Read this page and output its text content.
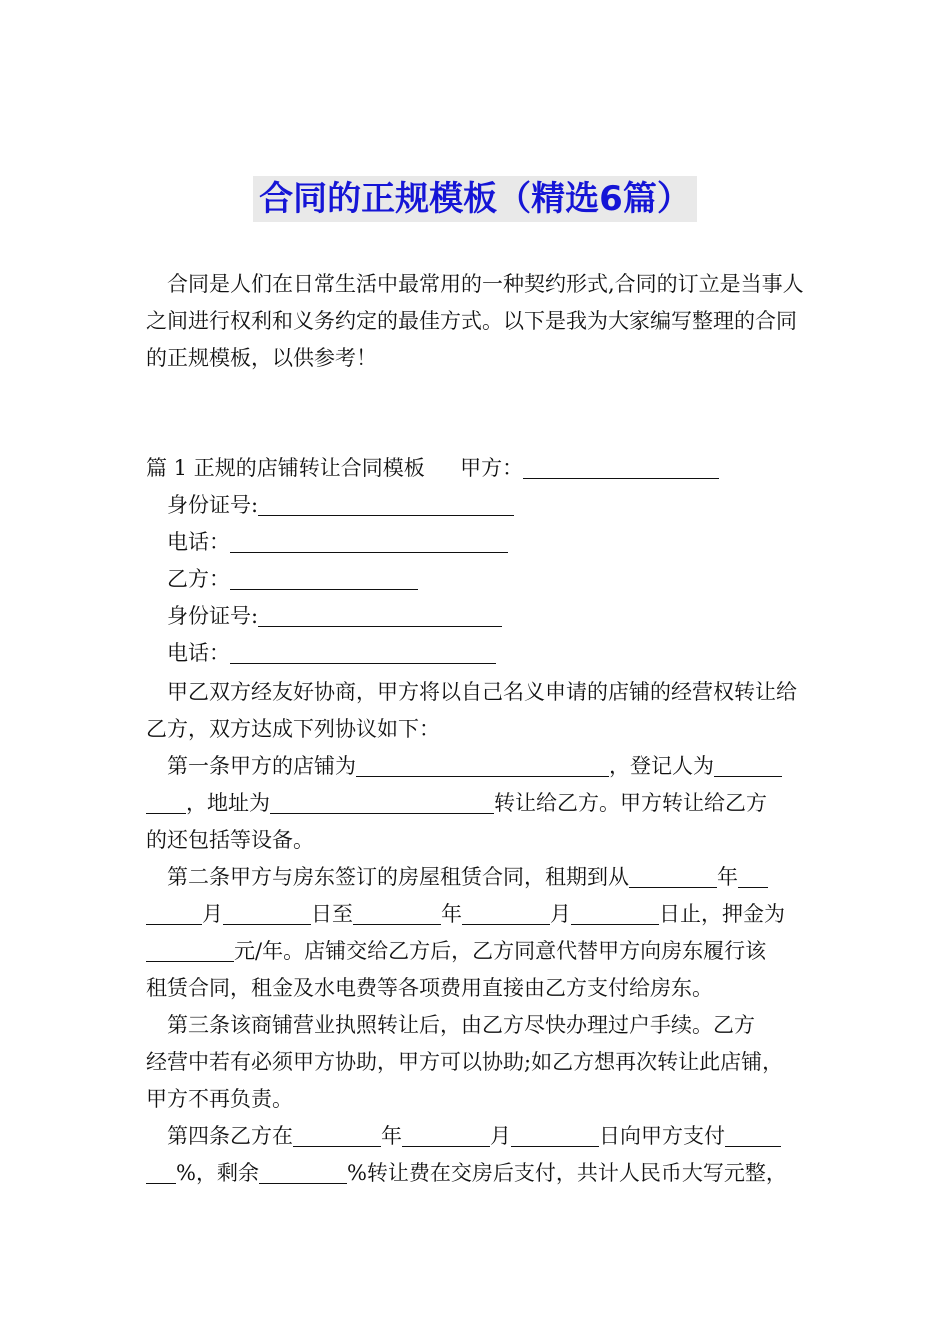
合同的正规模板（精选6篇）

合同是人们在日常生活中最常用的一种契约形式,合同的订立是当事人之间进行权利和义务约定的最佳方式。以下是我为大家编写整理的合同的正规模板，以供参考！

篇 1 正规的店铺转让合同模板 甲方：
身份证号:
电话：
乙方：
身份证号:
电话：

甲乙双方经友好协商，甲方将以自己名义申请的店铺的经营权转让给乙方，双方达成下列协议如下：

第一条甲方的店铺为	，登记人为
，地址为	转让给乙方。甲方转让给乙方
的还包括等设备。
第二条甲方与房东签订的房屋租赁合同，租期到从	年
月	日至	年	月	日止，押金为
元/年。店铺交给乙方后，乙方同意代替甲方向房东履行该
租赁合同，租金及水电费等各项费用直接由乙方支付给房东。
第三条该商铺营业执照转让后，由乙方尽快办理过户手续。乙方
经营中若有必须甲方协助，甲方可以协助;如乙方想再次转让此店铺，
甲方不再负责。
第四条乙方在	年	月	日向甲方支付
%，剩余	%转让费在交房后支付，共计人民币大写元整，
